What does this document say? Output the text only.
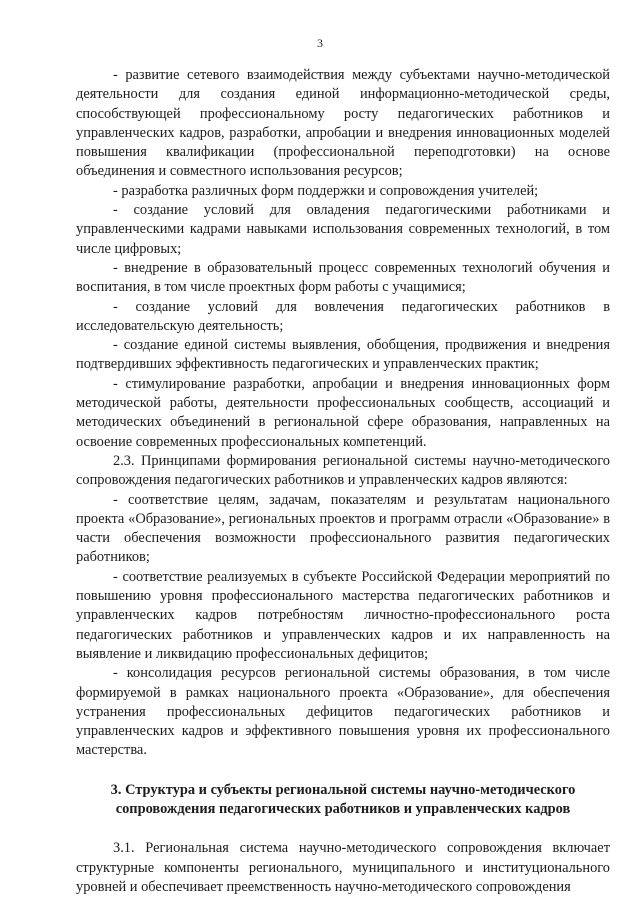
3

- развитие сетевого взаимодействия между субъектами научно-методической деятельности для создания единой информационно-методической среды, способствующей профессиональному росту педагогических работников и управленческих кадров, разработки, апробации и внедрения инновационных моделей повышения квалификации (профессиональной переподготовки) на основе объединения и совместного использования ресурсов;

- разработка различных форм поддержки и сопровождения учителей;

- создание условий для овладения педагогическими работниками и управленческими кадрами навыками использования современных технологий, в том числе цифровых;

- внедрение в образовательный процесс современных технологий обучения и воспитания, в том числе проектных форм работы с учащимися;

- создание условий для вовлечения педагогических работников в исследовательскую деятельность;

- создание единой системы выявления, обобщения, продвижения и внедрения подтвердивших эффективность педагогических и управленческих практик;

- стимулирование разработки, апробации и внедрения инновационных форм методической работы, деятельности профессиональных сообществ, ассоциаций и методических объединений в региональной сфере образования, направленных на освоение современных профессиональных компетенций.

2.3. Принципами формирования региональной системы научно-методического сопровождения педагогических работников и управленческих кадров являются:

- соответствие целям, задачам, показателям и результатам национального проекта «Образование», региональных проектов и программ отрасли «Образование» в части обеспечения возможности профессионального развития педагогических работников;

- соответствие реализуемых в субъекте Российской Федерации мероприятий по повышению уровня профессионального мастерства педагогических работников и управленческих кадров потребностям личностно-профессионального роста педагогических работников и управленческих кадров и их направленность на выявление и ликвидацию профессиональных дефицитов;

- консолидация ресурсов региональной системы образования, в том числе формируемой в рамках национального проекта «Образование», для обеспечения устранения профессиональных дефицитов педагогических работников и управленческих кадров и эффективного повышения уровня их профессионального мастерства.

3. Структура и субъекты региональной системы научно-методического сопровождения педагогических работников и управленческих кадров

3.1. Региональная система научно-методического сопровождения включает структурные компоненты регионального, муниципального и институционального уровней и обеспечивает преемственность научно-методического сопровождения
